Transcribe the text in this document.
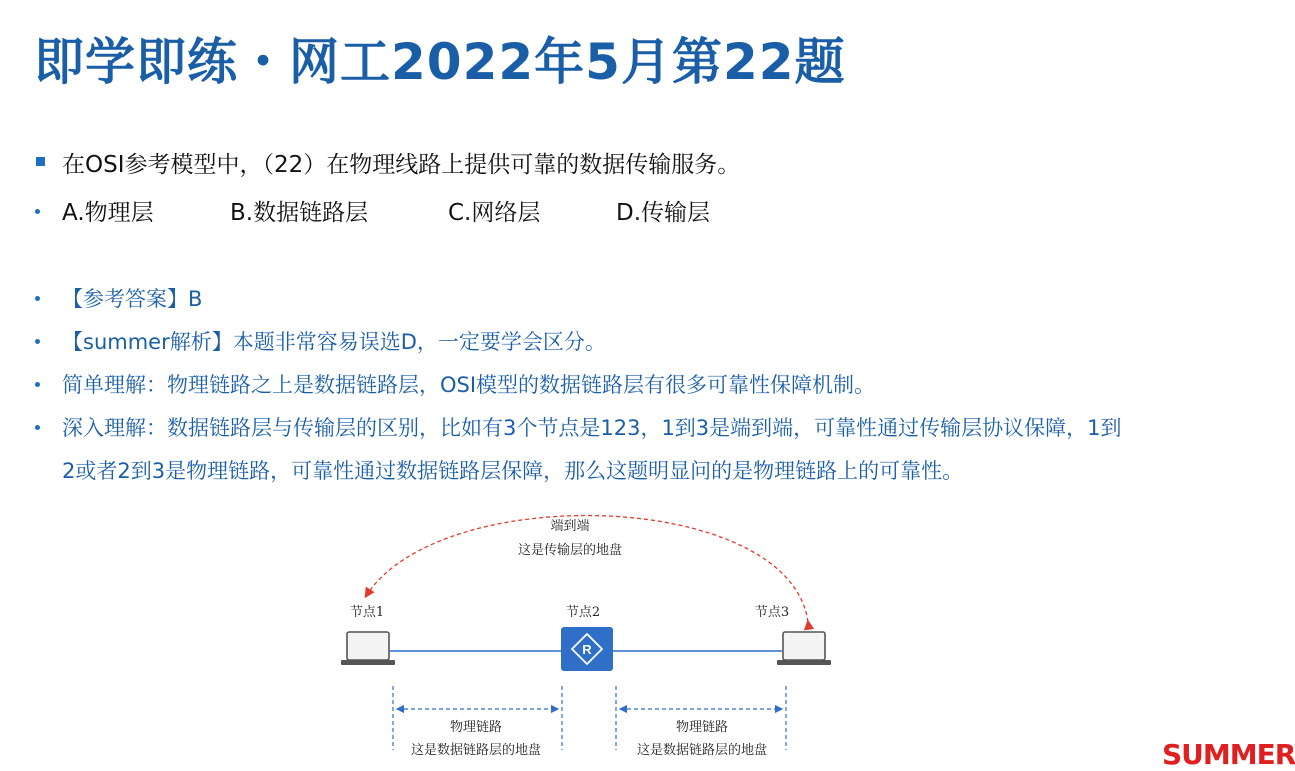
即学即练・网工2022年5月第22题
在OSI参考模型中，（22）在物理线路上提供可靠的数据传输服务。
A.物理层	B.数据链路层	C.网络层	D.传输层
【参考答案】B
【summer解析】本题非常容易误选D，一定要学会区分。
简单理解：物理链路之上是数据链路层，OSI模型的数据链路层有很多可靠性保障机制。
深入理解：数据链路层与传输层的区别，比如有3个节点是123，1到3是端到端，可靠性通过传输层协议保障，1到
2或者2到3是物理链路，可靠性通过数据链路层保障，那么这题明显问的是物理链路上的可靠性。
R
端到端
这是传输层的地盘
节点1	节点2	节点3
物理链路
这是数据链路层的地盘
物理链路
这是数据链路层的地盘	SUMMER
